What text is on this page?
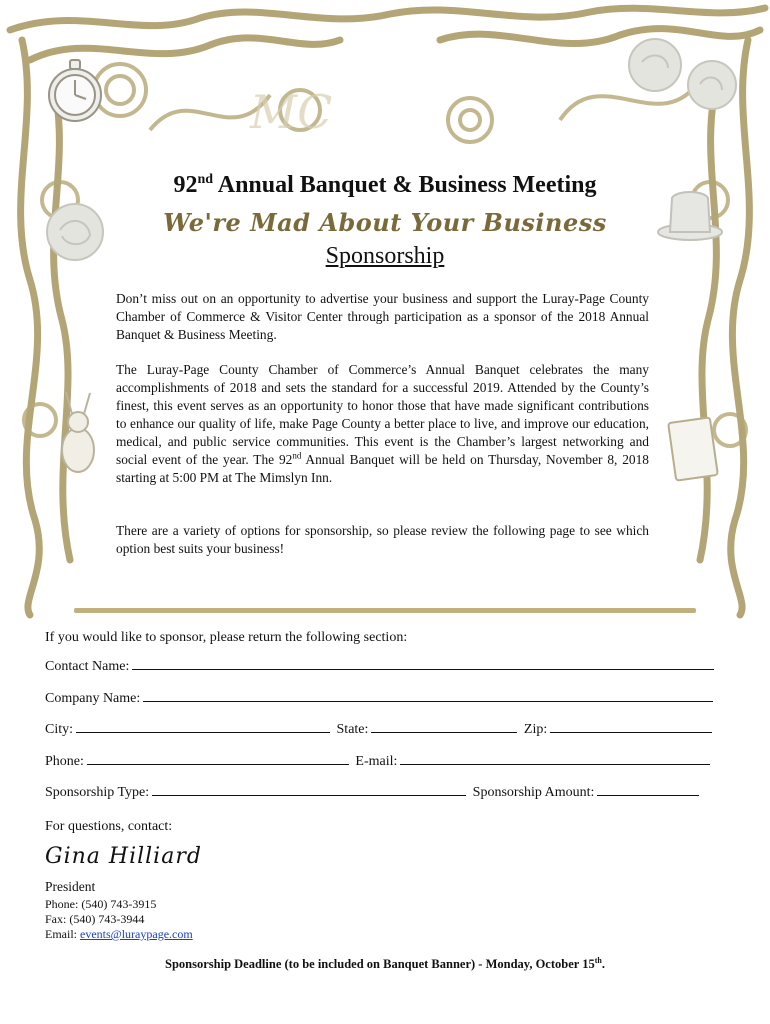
MC
92nd Annual Banquet & Business Meeting
We're Mad About Your Business
Sponsorship
Don’t miss out on an opportunity to advertise your business and support the Luray-Page County Chamber of Commerce & Visitor Center through participation as a sponsor of the 2018 Annual Banquet & Business Meeting.
The Luray-Page County Chamber of Commerce’s Annual Banquet celebrates the many accomplishments of 2018 and sets the standard for a successful 2019. Attended by the County’s finest, this event serves as an opportunity to honor those that have made significant contributions to enhance our quality of life, make Page County a better place to live, and improve our education, medical, and public service communities. This event is the Chamber’s largest networking and social event of the year. The 92nd Annual Banquet will be held on Thursday, November 8, 2018 starting at 5:00 PM at The Mimslyn Inn.
There are a variety of options for sponsorship, so please review the following page to see which option best suits your business!
If you would like to sponsor, please return the following section:
Contact Name:
Company Name:
City:	State:	Zip:
Phone:	E-mail:
Sponsorship Type:	Sponsorship Amount:
For questions, contact:
Gina Hilliard
President
Phone: (540) 743-3915
Fax: (540) 743-3944
Email: events@luraypage.com
Sponsorship Deadline (to be included on Banquet Banner) - Monday, October 15th.
